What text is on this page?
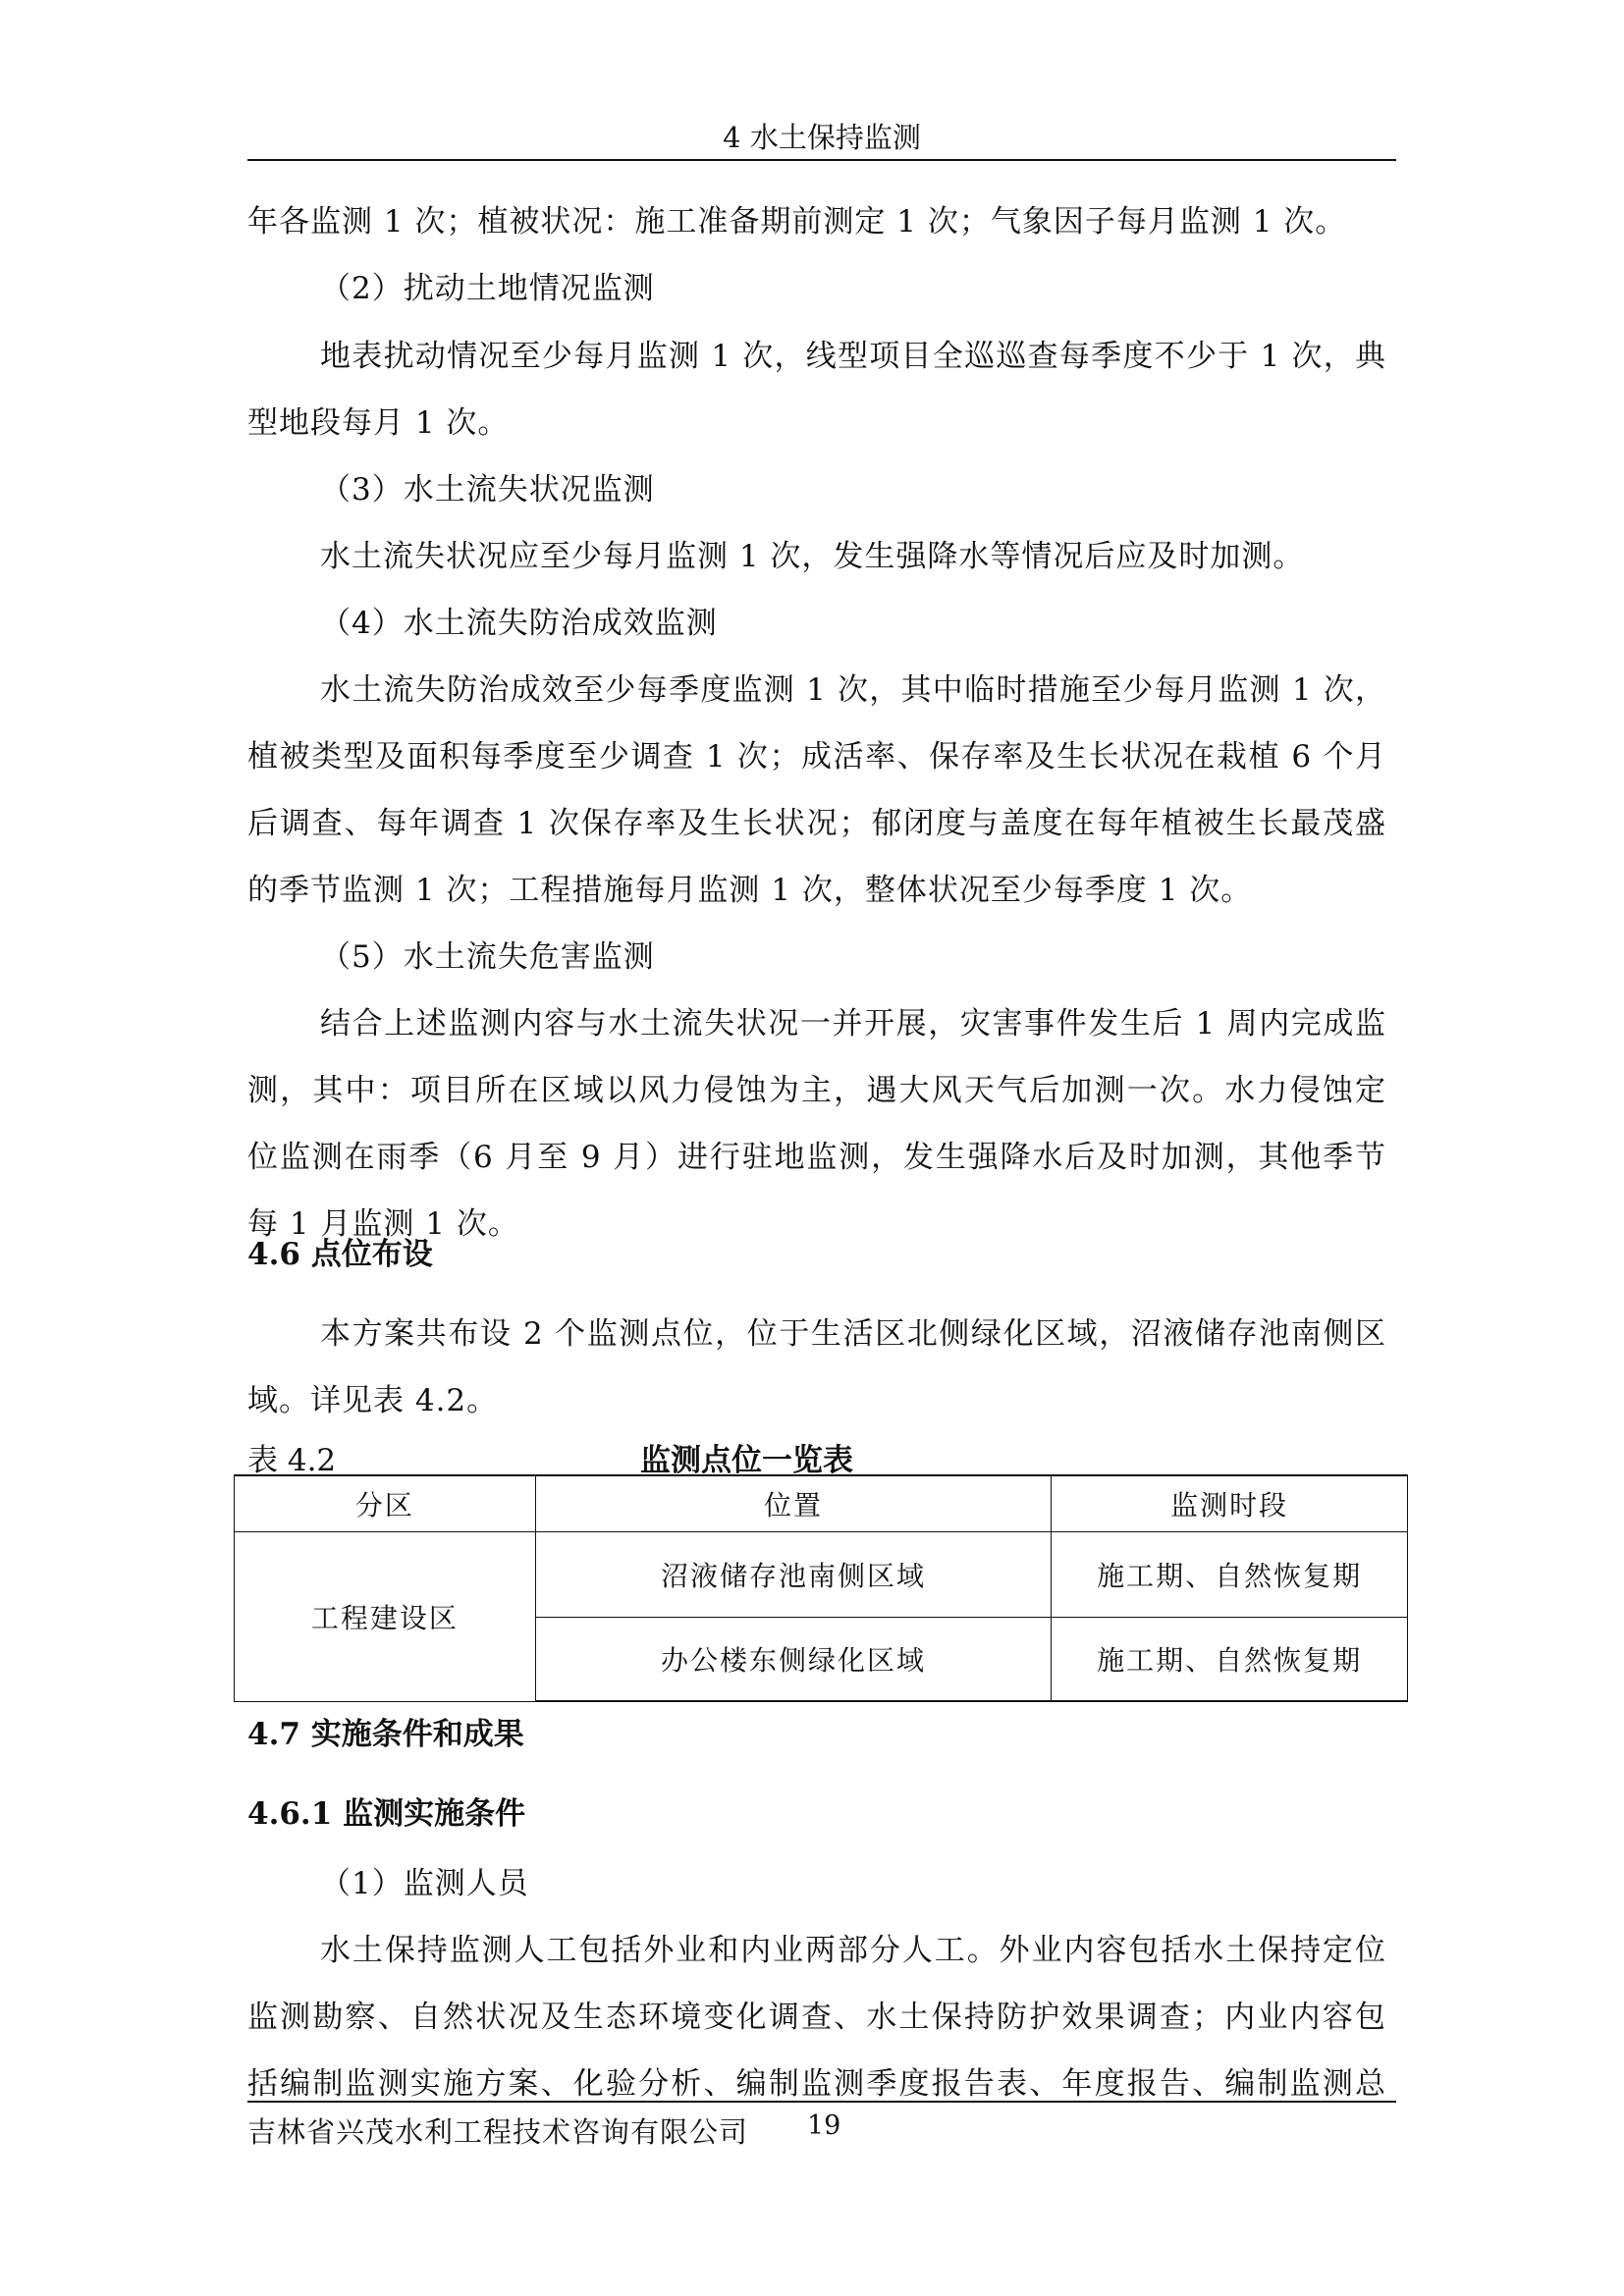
4 水土保持监测
年各监测 1 次；植被状况：施工准备期前测定 1 次；气象因子每月监测 1 次。
（2）扰动土地情况监测
地表扰动情况至少每月监测 1 次，线型项目全巡巡查每季度不少于 1 次，典
型地段每月 1 次。
（3）水土流失状况监测
水土流失状况应至少每月监测 1 次，发生强降水等情况后应及时加测。
（4）水土流失防治成效监测
水土流失防治成效至少每季度监测 1 次，其中临时措施至少每月监测 1 次，
植被类型及面积每季度至少调查 1 次；成活率、保存率及生长状况在栽植 6 个月
后调查、每年调查 1 次保存率及生长状况；郁闭度与盖度在每年植被生长最茂盛
的季节监测 1 次；工程措施每月监测 1 次，整体状况至少每季度 1 次。
（5）水土流失危害监测
结合上述监测内容与水土流失状况一并开展，灾害事件发生后 1 周内完成监
测，其中：项目所在区域以风力侵蚀为主，遇大风天气后加测一次。水力侵蚀定
位监测在雨季（6 月至 9 月）进行驻地监测，发生强降水后及时加测，其他季节
每 1 月监测 1 次。
4.6 点位布设
本方案共布设 2 个监测点位，位于生活区北侧绿化区域，沼液储存池南侧区
域。详见表 4.2。
表 4.2	监测点位一览表
分区	位置	监测时段
工程建设区	沼液储存池南侧区域	施工期、自然恢复期
	办公楼东侧绿化区域	施工期、自然恢复期
4.7 实施条件和成果
4.6.1 监测实施条件
（1）监测人员
水土保持监测人工包括外业和内业两部分人工。外业内容包括水土保持定位
监测勘察、自然状况及生态环境变化调查、水土保持防护效果调查；内业内容包
括编制监测实施方案、化验分析、编制监测季度报告表、年度报告、编制监测总
吉林省兴茂水利工程技术咨询有限公司 19
